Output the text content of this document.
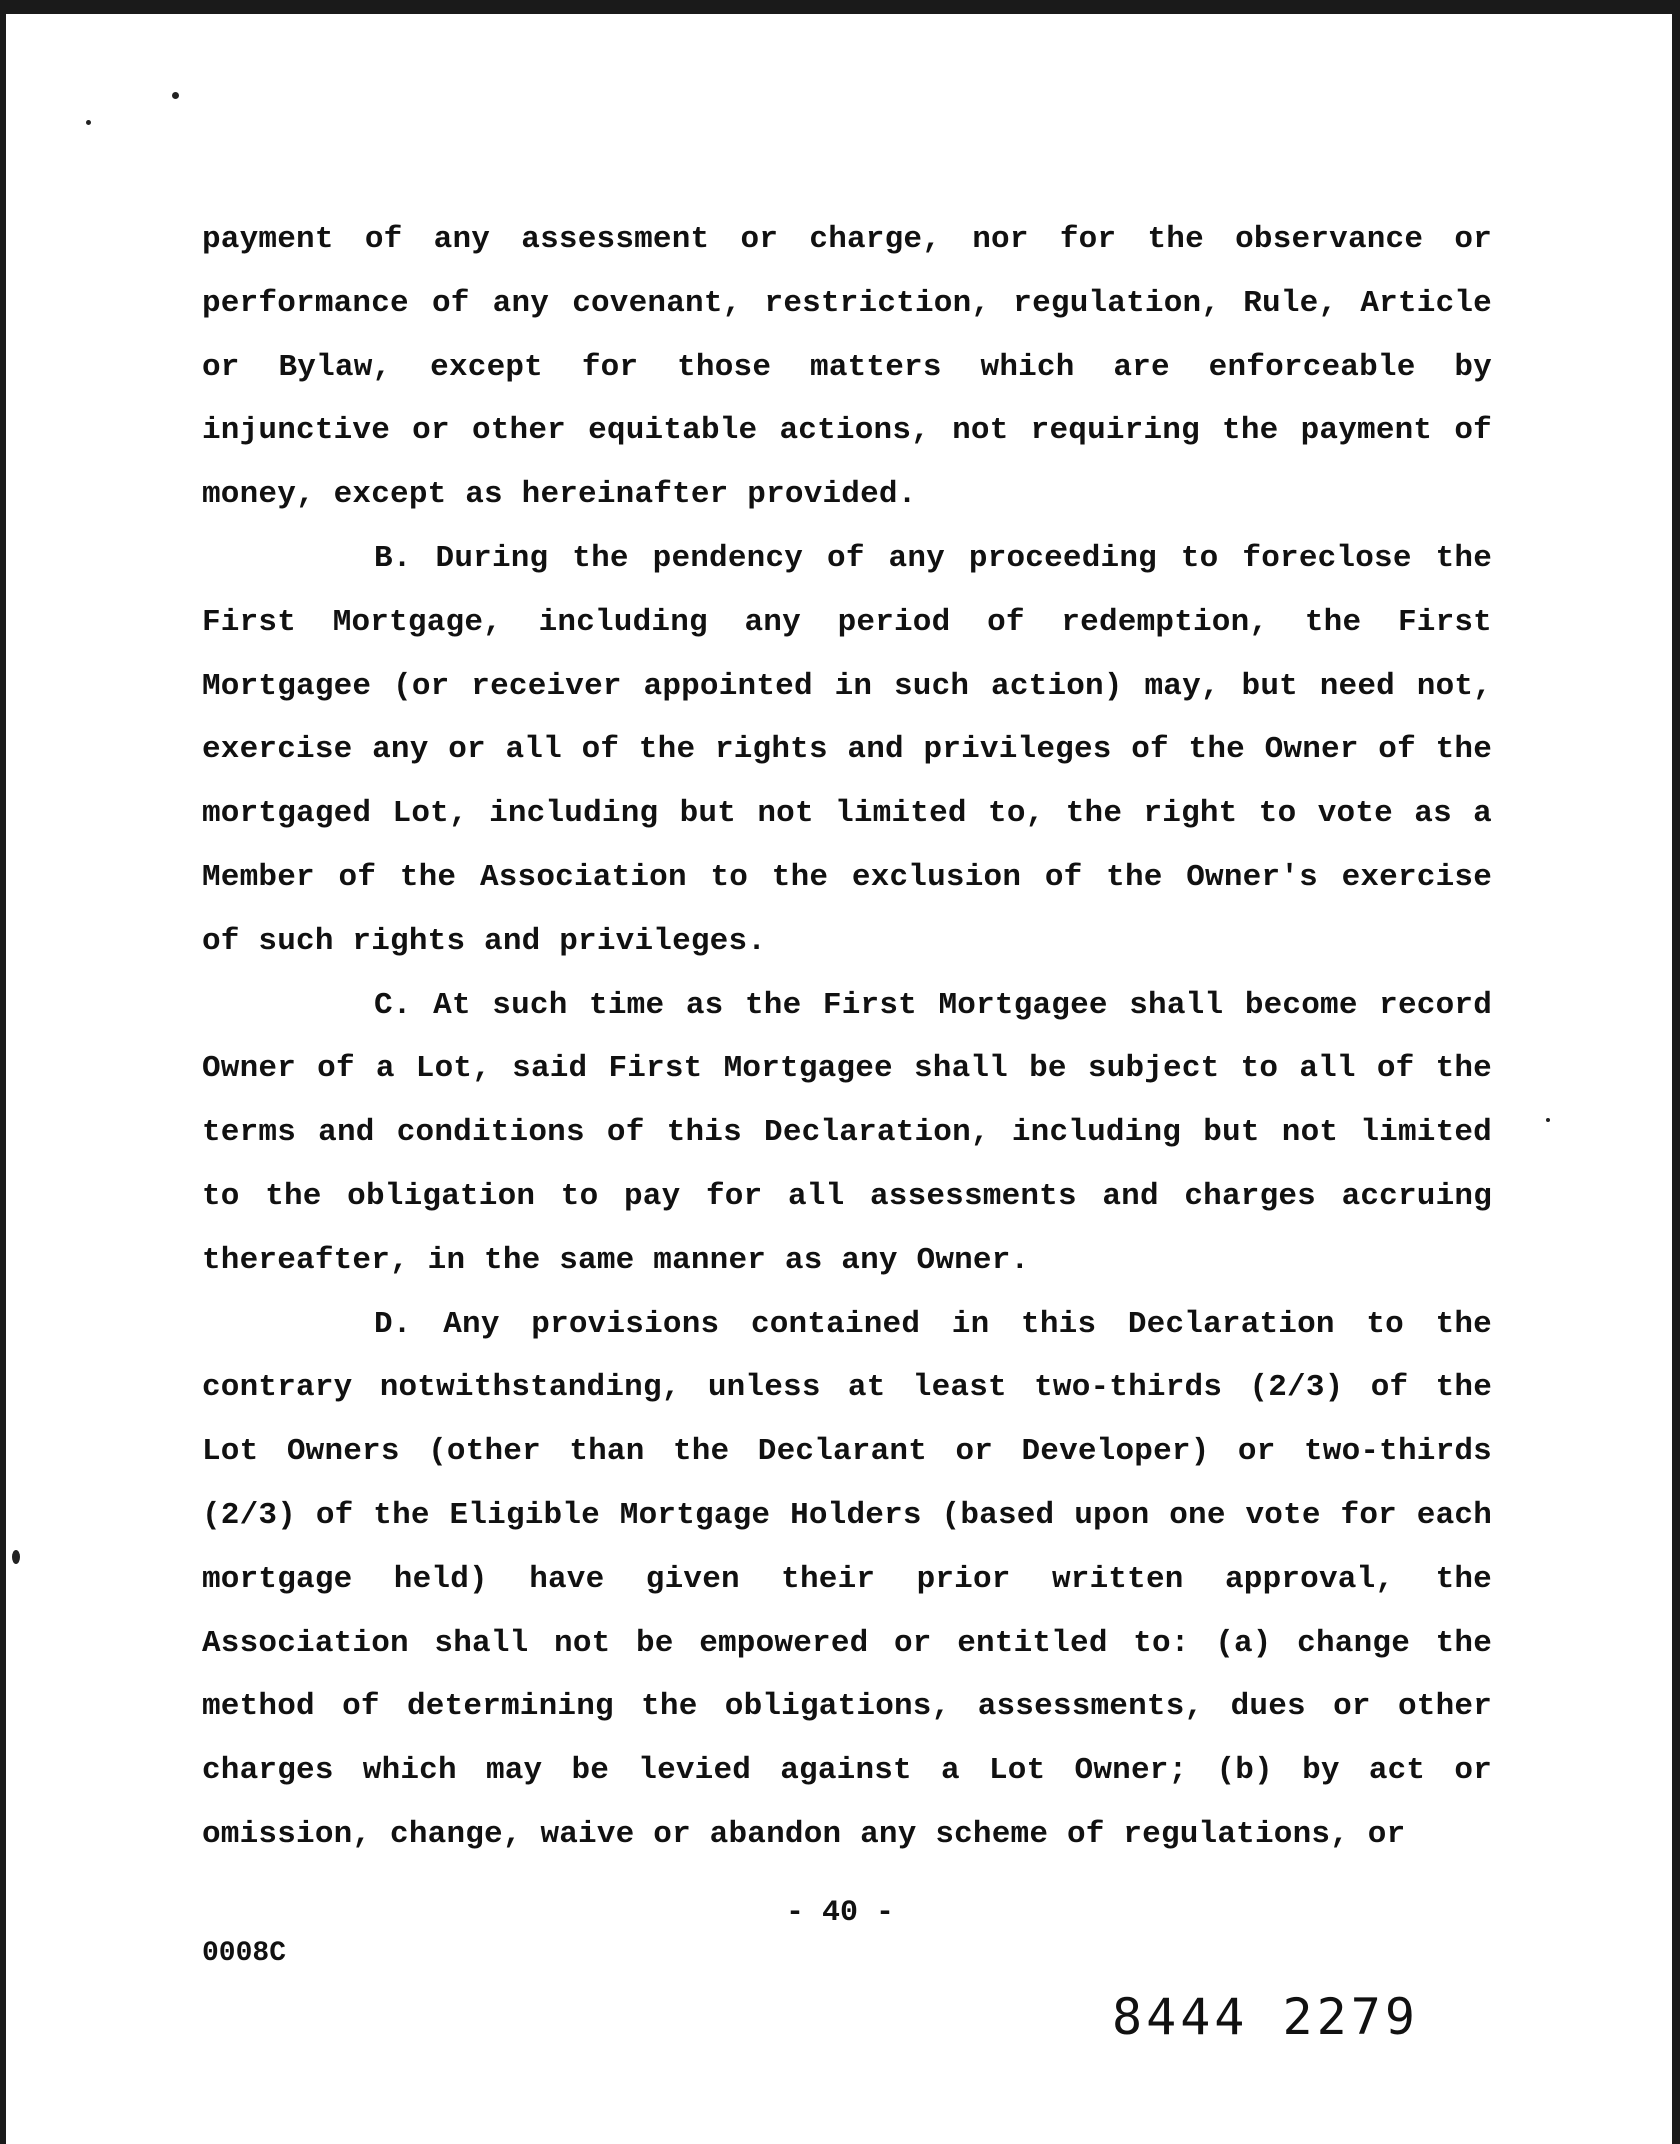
payment of any assessment or charge, nor for the observance or performance of any covenant, restriction, regulation, Rule, Article or Bylaw, except for those matters which are enforceable by injunctive or other equitable actions, not requiring the payment of money, except as hereinafter provided.

B. During the pendency of any proceeding to foreclose the First Mortgage, including any period of redemption, the First Mortgagee (or receiver appointed in such action) may, but need not, exercise any or all of the rights and privileges of the Owner of the mortgaged Lot, including but not limited to, the right to vote as a Member of the Association to the exclusion of the Owner's exercise of such rights and privileges.

C. At such time as the First Mortgagee shall become record Owner of a Lot, said First Mortgagee shall be subject to all of the terms and conditions of this Declaration, including but not limited to the obligation to pay for all assessments and charges accruing thereafter, in the same manner as any Owner.

D. Any provisions contained in this Declaration to the contrary notwithstanding, unless at least two-thirds (2/3) of the Lot Owners (other than the Declarant or Developer) or two-thirds (2/3) of the Eligible Mortgage Holders (based upon one vote for each mortgage held) have given their prior written approval, the Association shall not be empowered or entitled to: (a) change the method of determining the obligations, assessments, dues or other charges which may be levied against a Lot Owner; (b) by act or omission, change, waive or abandon any scheme of regulations, or

- 40 -
0008C
8444 2279
